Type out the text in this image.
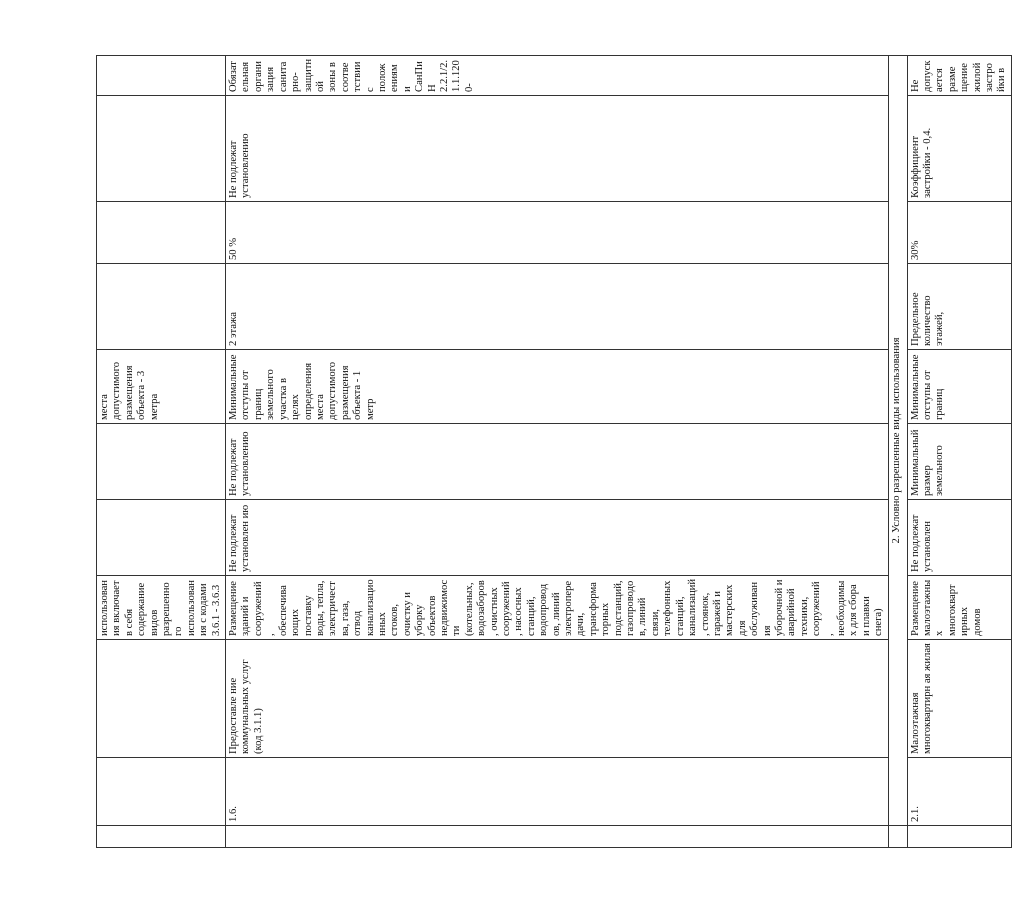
			использования включает в себя содержание видов разрешенного использования с кодами 3.6.1 - 3.6.3			места допустимого размещения объекта - 3 метра				
	1.6.	Предоставле ние коммунальных услуг (код 3.1.1)	Размещение зданий и сооружений, обеспечивающих поставку воды, тепла, электричества, газа, отвод канализационных стоков, очистку и уборку объектов недвижимости (котельных, водозаборов, очистных сооружений, насосных станций, водопроводов, линий электропередачи, трансформаторных подстанций, газопроводов, линий связи, телефонных станций, канализаций, стоянок, гаражей и мастерских для обслуживания уборочной и аварийной техники, сооружений, необходимых для сбора и плавки снега)	Не подлежат установлен ию	Не подлежат установлению	Минимальные отступы от границ земельного участка в целях определения места допустимого размещения объекта - 1 метр	2 этажа	50 %	Не подлежат установлению	Обязательная организация санитарно-защитной зоны в соответствии с положениями СанПиН 2.2.1/2.1.1.1200-
	2. Условно разрешенные виды использования									
	2.1.	Малоэтажная многоквартирн ая жилая	Размещение малоэтажных многоквартирных домов	Не подлежат установлен	Минимальный размер земельного	Минимальные отступы от границ	Предельное количество этажей,	30%	Коэффициент застройки - 0,4.	Не допускается размещение жилой застройки в
